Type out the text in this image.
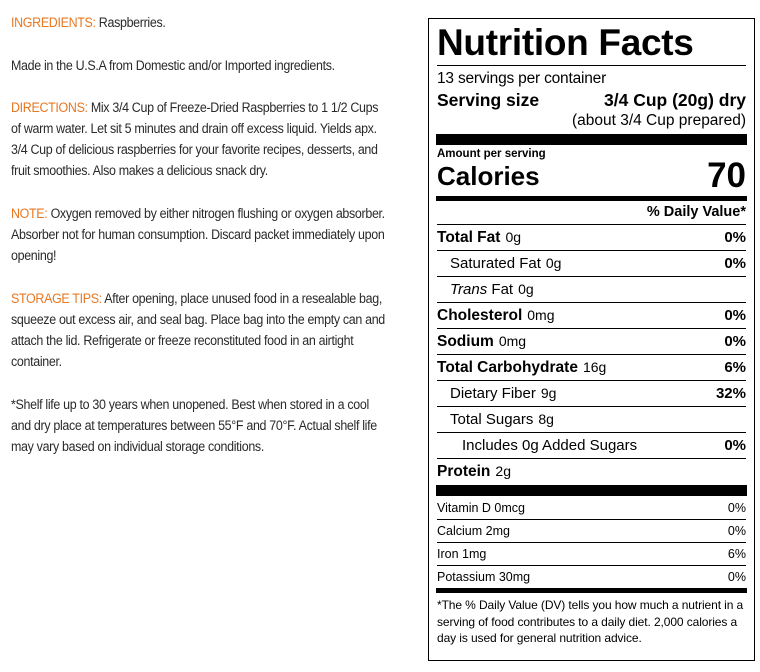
INGREDIENTS: Raspberries.

Made in the U.S.A from Domestic and/or Imported ingredients.

DIRECTIONS: Mix 3/4 Cup of Freeze-Dried Raspberries to 1 1/2 Cups of warm water. Let sit 5 minutes and drain off excess liquid. Yields apx. 3/4 Cup of delicious raspberries for your favorite recipes, desserts, and fruit smoothies. Also makes a delicious snack dry.

NOTE: Oxygen removed by either nitrogen flushing or oxygen absorber. Absorber not for human consumption. Discard packet immediately upon opening!

STORAGE TIPS: After opening, place unused food in a resealable bag, squeeze out excess air, and seal bag. Place bag into the empty can and attach the lid. Refrigerate or freeze reconstituted food in an airtight container.

*Shelf life up to 30 years when unopened. Best when stored in a cool and dry place at temperatures between 55°F and 70°F. Actual shelf life may vary based on individual storage conditions.

Nutrition Facts
13 servings per container
Serving size	3/4 Cup (20g) dry
(about 3/4 Cup prepared)
Amount per serving
Calories	70
% Daily Value*
Total Fat 0g	0%
Saturated Fat 0g	0%
Trans Fat 0g
Cholesterol 0mg	0%
Sodium 0mg	0%
Total Carbohydrate 16g	6%
Dietary Fiber 9g	32%
Total Sugars 8g
Includes 0g Added Sugars	0%
Protein 2g
Vitamin D 0mcg	0%
Calcium 2mg	0%
Iron 1mg	6%
Potassium 30mg	0%
*The % Daily Value (DV) tells you how much a nutrient in a serving of food contributes to a daily diet. 2,000 calories a day is used for general nutrition advice.
